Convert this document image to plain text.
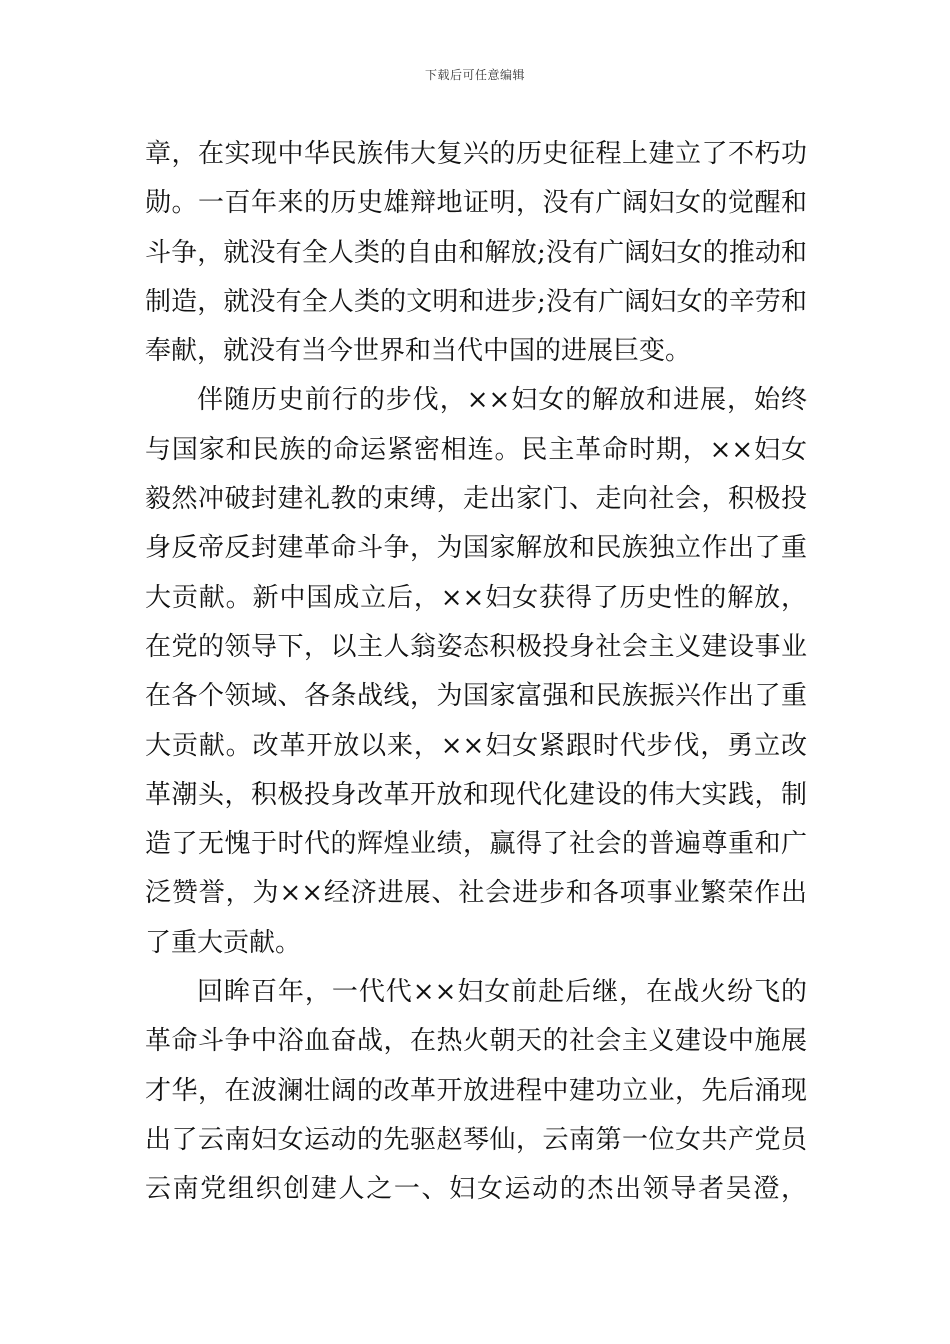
下载后可任意编辑
章，在实现中华民族伟大复兴的历史征程上建立了不朽功
勋。一百年来的历史雄辩地证明，没有广阔妇女的觉醒和
斗争，就没有全人类的自由和解放;没有广阔妇女的推动和
制造，就没有全人类的文明和进步;没有广阔妇女的辛劳和
奉献，就没有当今世界和当代中国的进展巨变。
伴随历史前行的步伐，××妇女的解放和进展，始终
与国家和民族的命运紧密相连。民主革命时期，××妇女
毅然冲破封建礼教的束缚，走出家门、走向社会，积极投
身反帝反封建革命斗争，为国家解放和民族独立作出了重
大贡献。新中国成立后，××妇女获得了历史性的解放，
在党的领导下，以主人翁姿态积极投身社会主义建设事业
在各个领域、各条战线，为国家富强和民族振兴作出了重
大贡献。改革开放以来，××妇女紧跟时代步伐，勇立改
革潮头，积极投身改革开放和现代化建设的伟大实践，制
造了无愧于时代的辉煌业绩，赢得了社会的普遍尊重和广
泛赞誉，为××经济进展、社会进步和各项事业繁荣作出
了重大贡献。
回眸百年，一代代××妇女前赴后继，在战火纷飞的
革命斗争中浴血奋战，在热火朝天的社会主义建设中施展
才华，在波澜壮阔的改革开放进程中建功立业，先后涌现
出了云南妇女运动的先驱赵琴仙，云南第一位女共产党员
云南党组织创建人之一、妇女运动的杰出领导者吴澄，
